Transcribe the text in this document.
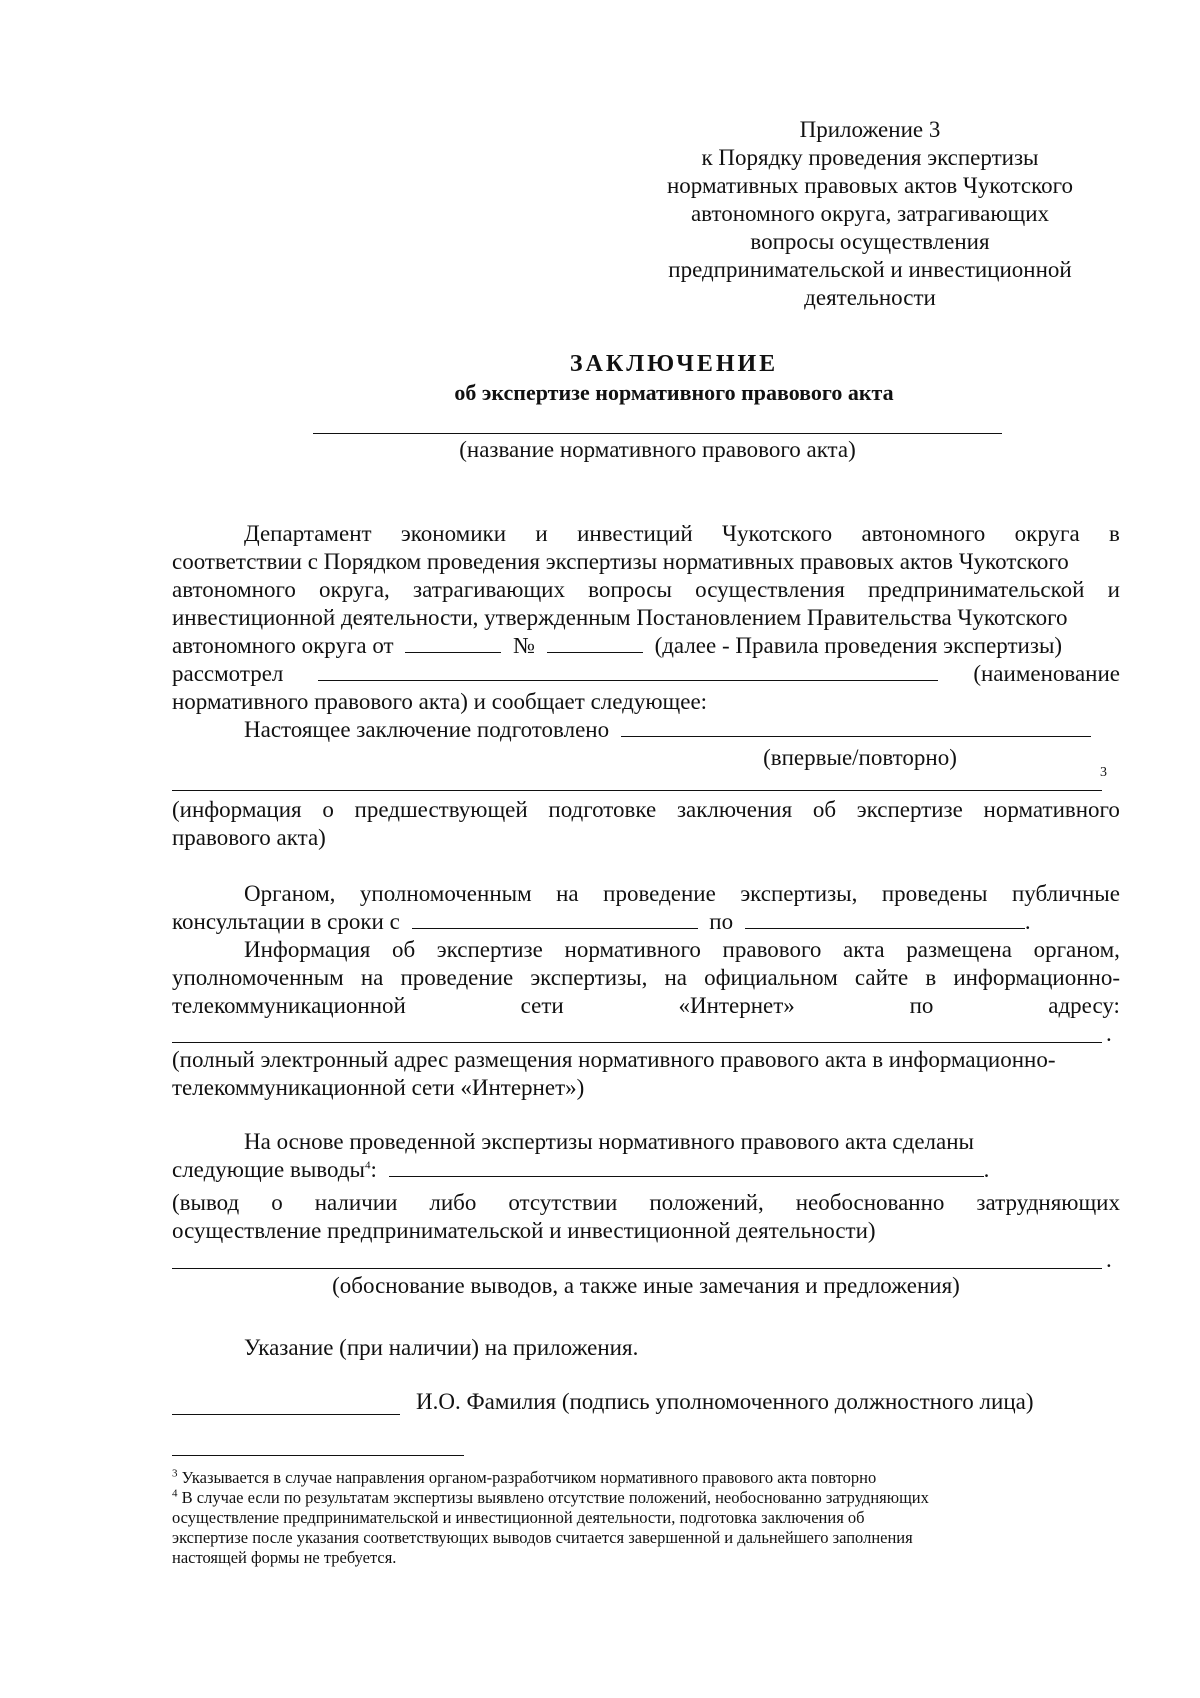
Приложение 3
к Порядку проведения экспертизы
нормативных правовых актов Чукотского
автономного округа, затрагивающих
вопросы осуществления
предпринимательской и инвестиционной
деятельности
ЗАКЛЮЧЕНИЕ
об экспертизе нормативного правового акта
(название нормативного правового акта)
Департамент экономики и инвестиций Чукотского автономного округа в
соответствии с Порядком проведения экспертизы нормативных правовых актов Чукотского
автономного округа, затрагивающих вопросы осуществления предпринимательской и
инвестиционной деятельности, утвержденным Постановлением Правительства Чукотского
автономного округа от	№	(далее - Правила проведения экспертизы)
рассмотрел	(наименование
нормативного правового акта) и сообщает следующее:
Настоящее заключение подготовлено
(впервые/повторно)
3
(информация о предшествующей подготовке заключения об экспертизе нормативного
правового акта)
Органом, уполномоченным на проведение экспертизы, проведены публичные
консультации в сроки с	по	.
Информация об экспертизе нормативного правового акта размещена органом,
уполномоченным на проведение экспертизы, на официальном сайте в информационно-
телекоммуникационной	сети	«Интернет»	по	адресу:
.
(полный электронный адрес размещения нормативного правового акта в информационно-
телекоммуникационной сети «Интернет»)
На основе проведенной экспертизы нормативного правового акта сделаны
следующие выводы$^4$:	.
(вывод о наличии либо отсутствии положений, необоснованно затрудняющих
осуществление предпринимательской и инвестиционной деятельности)
.
(обоснование выводов, а также иные замечания и предложения)
Указание (при наличии) на приложения.
И.О. Фамилия (подпись уполномоченного должностного лица)
$^3$ Указывается в случае направления органом-разработчиком нормативного правового акта повторно
$^4$ В случае если по результатам экспертизы выявлено отсутствие положений, необоснованно затрудняющих
осуществление предпринимательской и инвестиционной деятельности, подготовка заключения об
экспертизе после указания соответствующих выводов считается завершенной и дальнейшего заполнения
настоящей формы не требуется.
